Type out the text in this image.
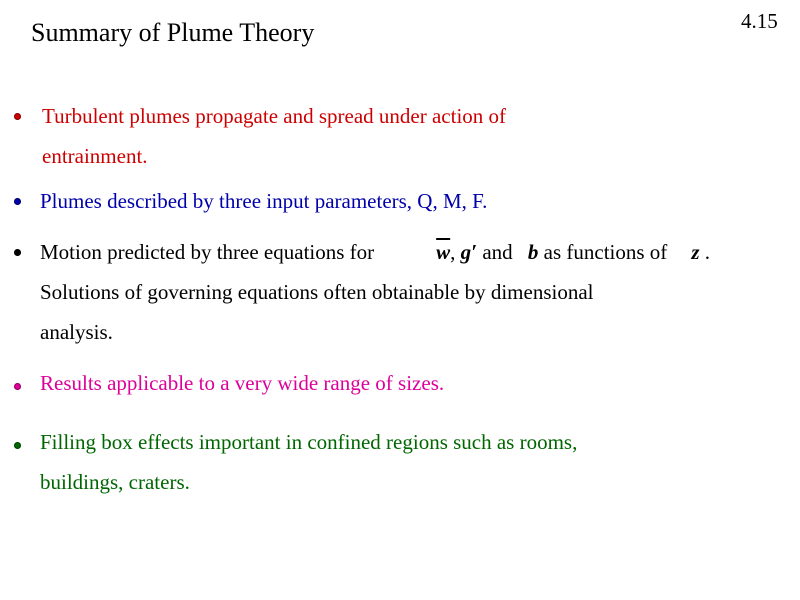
Summary of Plume Theory	4.15
Turbulent plumes propagate and spread under action of
entrainment.
Plumes described by three input parameters, Q, M, F.
Motion predicted by three equations for	$\overline{w}$, g′ and b as functions of z .
Solutions of governing equations often obtainable by dimensional
analysis.
Results applicable to a very wide range of sizes.
Filling box effects important in confined regions such as rooms,
buildings, craters.
